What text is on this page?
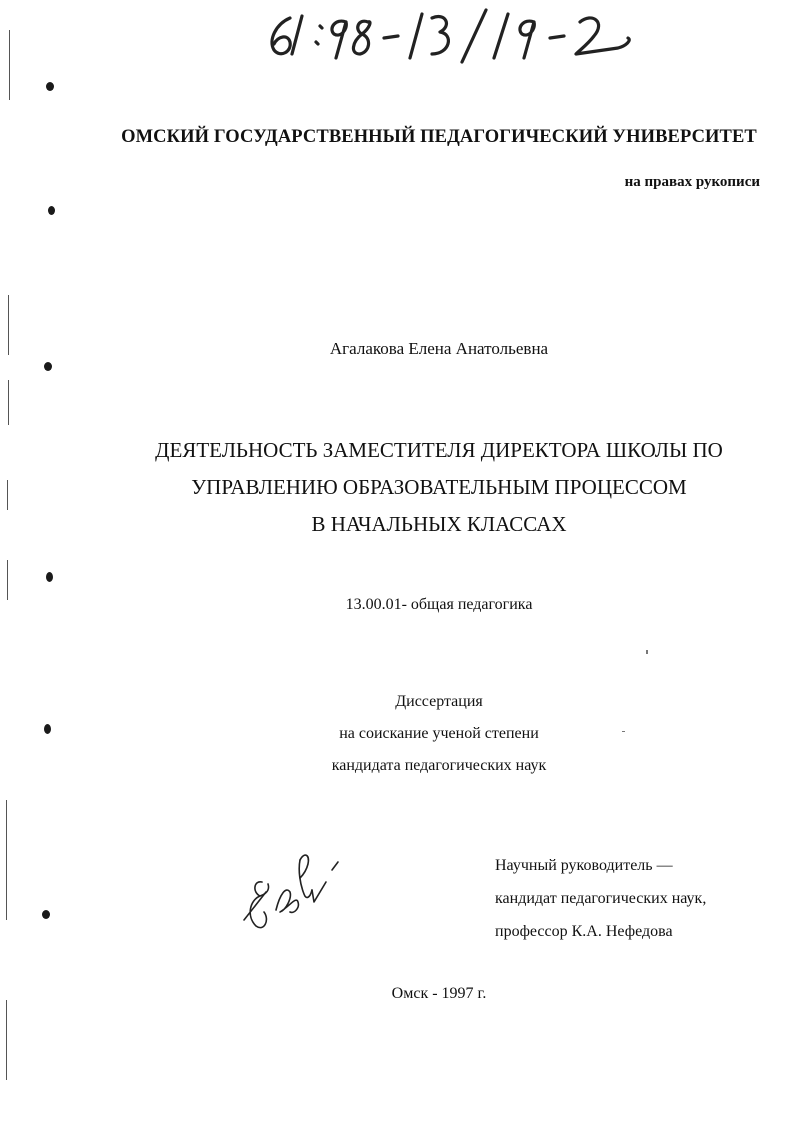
ОМСКИЙ ГОСУДАРСТВЕННЫЙ ПЕДАГОГИЧЕСКИЙ УНИВЕРСИТЕТ
на правах рукописи
Агалакова Елена Анатольевна
ДЕЯТЕЛЬНОСТЬ ЗАМЕСТИТЕЛЯ ДИРЕКТОРА ШКОЛЫ ПО
УПРАВЛЕНИЮ ОБРАЗОВАТЕЛЬНЫМ ПРОЦЕССОМ
В НАЧАЛЬНЫХ КЛАССАХ
13.00.01- общая педагогика
Диссертация
на соискание ученой степени
кандидата педагогических наук
Научный руководитель —
кандидат педагогических наук,
профессор К.А. Нефедова
Омск - 1997 г.
